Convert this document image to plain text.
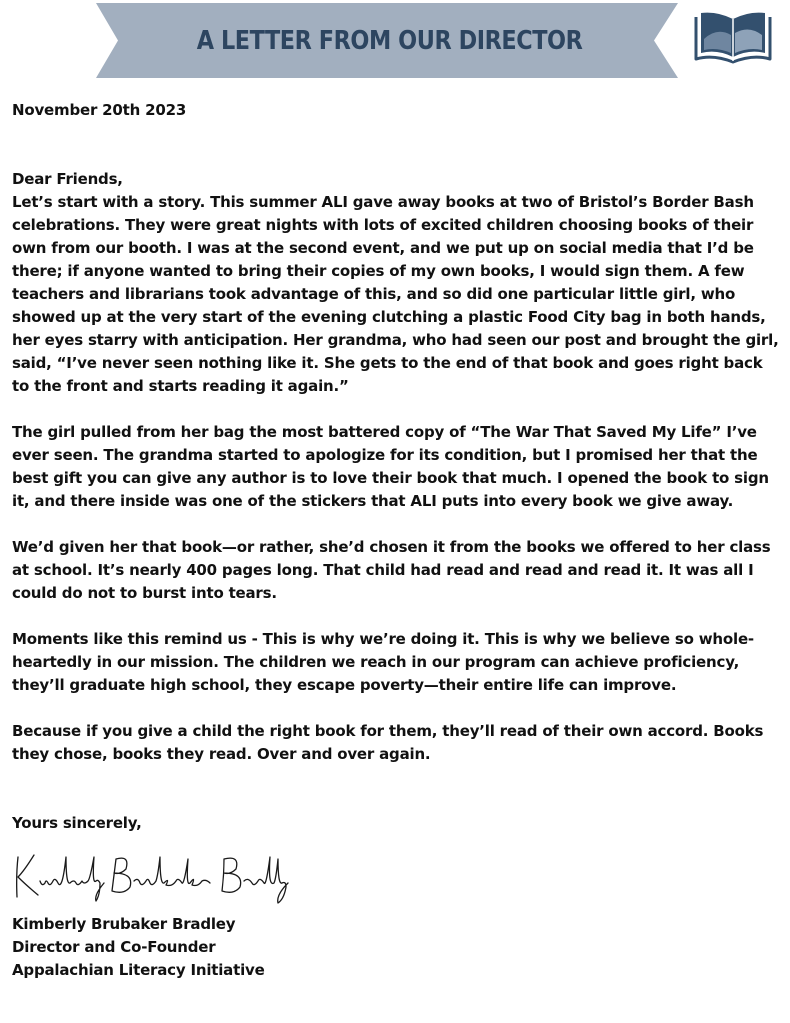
A LETTER FROM OUR DIRECTOR

November 20th 2023

Dear Friends,

Let’s start with a story. This summer ALI gave away books at two of Bristol’s Border Bash celebrations. They were great nights with lots of excited children choosing books of their own from our booth. I was at the second event, and we put up on social media that I’d be there; if anyone wanted to bring their copies of my own books, I would sign them. A few teachers and librarians took advantage of this, and so did one particular little girl, who showed up at the very start of the evening clutching a plastic Food City bag in both hands, her eyes starry with anticipation. Her grandma, who had seen our post and brought the girl, said, “I’ve never seen nothing like it. She gets to the end of that book and goes right back to the front and starts reading it again.”

The girl pulled from her bag the most battered copy of “The War That Saved My Life” I’ve ever seen. The grandma started to apologize for its condition, but I promised her that the best gift you can give any author is to love their book that much. I opened the book to sign it, and there inside was one of the stickers that ALI puts into every book we give away.

We’d given her that book—or rather, she’d chosen it from the books we offered to her class at school. It’s nearly 400 pages long. That child had read and read and read it. It was all I could do not to burst into tears.

Moments like this remind us - This is why we’re doing it. This is why we believe so whole-heartedly in our mission. The children we reach in our program can achieve proficiency, they’ll graduate high school, they escape poverty—their entire life can improve.

Because if you give a child the right book for them, they’ll read of their own accord. Books they chose, books they read. Over and over again.

Yours sincerely,

Kimberly Brubaker Bradley

Director and Co-Founder

Appalachian Literacy Initiative
